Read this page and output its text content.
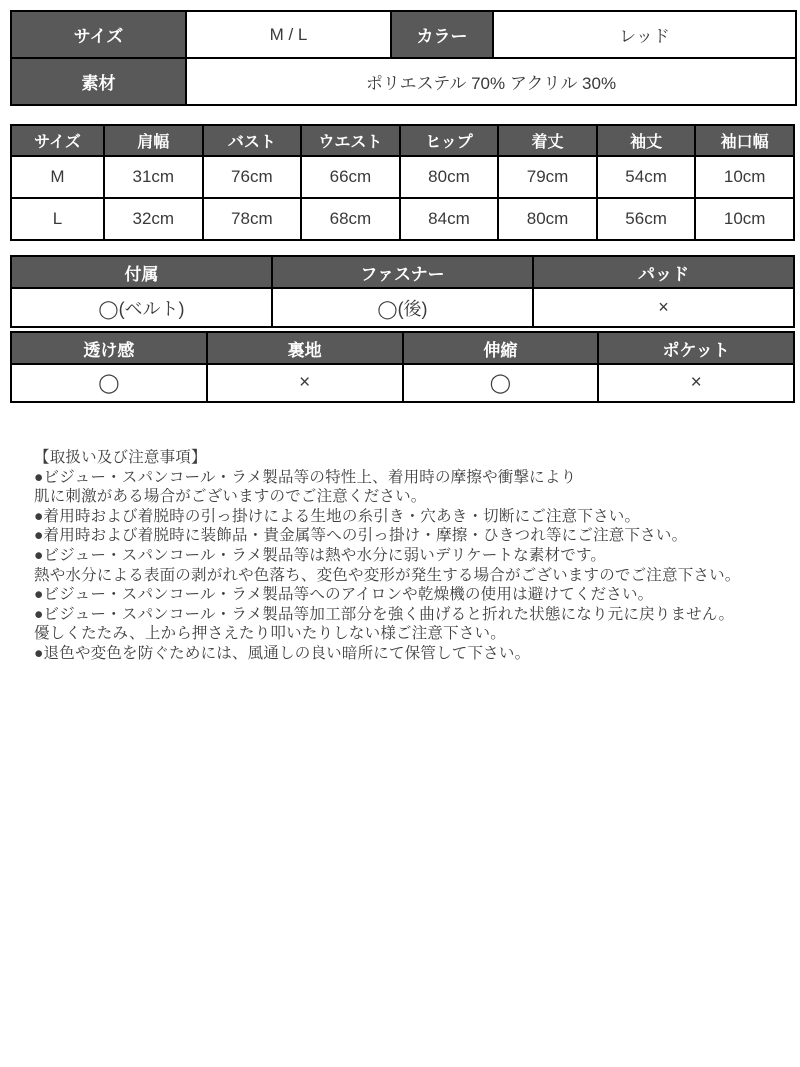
サイズ	M / L	カラー	レッド
素材	ポリエステル 70% アクリル 30%		
サイズ	肩幅	バスト	ウエスト	ヒップ	着丈	袖丈	袖口幅
M	31cm	76cm	66cm	80cm	79cm	54cm	10cm
L	32cm	78cm	68cm	84cm	80cm	56cm	10cm
付属	ファスナー	パッド
◯(ベルト)	◯(後)	×
透け感	裏地	伸縮	ポケット
◯	×	◯	×
【取扱い及び注意事項】
●ビジュー・スパンコール・ラメ製品等の特性上、着用時の摩擦や衝撃により
肌に刺激がある場合がございますのでご注意ください。
●着用時および着脱時の引っ掛けによる生地の糸引き・穴あき・切断にご注意下さい。
●着用時および着脱時に装飾品・貴金属等への引っ掛け・摩擦・ひきつれ等にご注意下さい。
●ビジュー・スパンコール・ラメ製品等は熱や水分に弱いデリケートな素材です。
熱や水分による表面の剥がれや色落ち、変色や変形が発生する場合がございますのでご注意下さい。
●ビジュー・スパンコール・ラメ製品等へのアイロンや乾燥機の使用は避けてください。
●ビジュー・スパンコール・ラメ製品等加工部分を強く曲げると折れた状態になり元に戻りません。
優しくたたみ、上から押さえたり叩いたりしない様ご注意下さい。
●退色や変色を防ぐためには、風通しの良い暗所にて保管して下さい。
